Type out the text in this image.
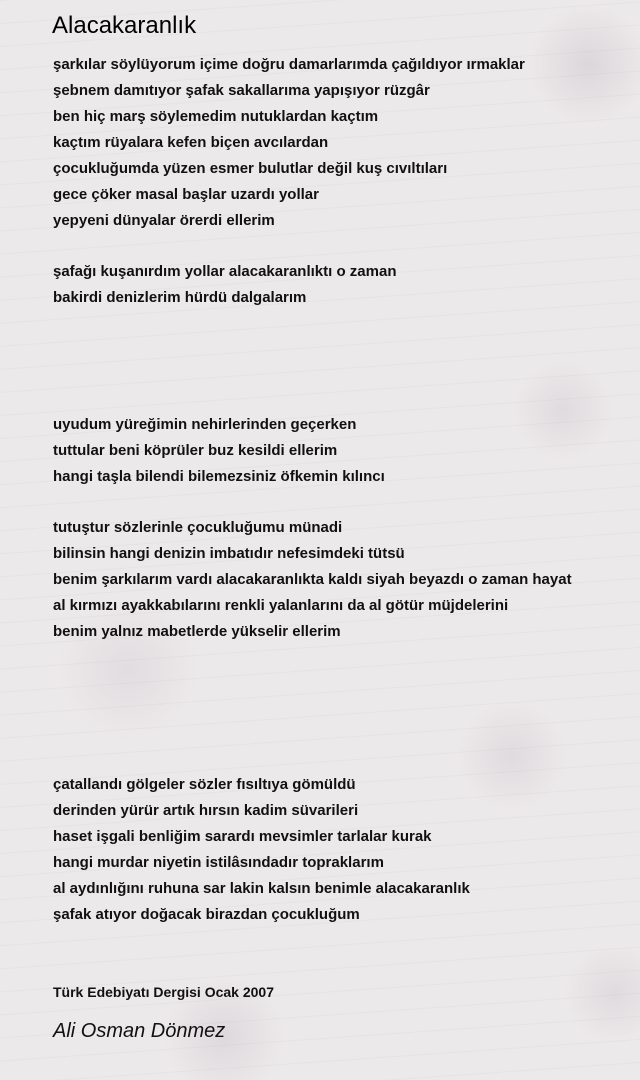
Alacakaranlık
şarkılar söylüyorum içime doğru damarlarımda çağıldıyor ırmaklar
şebnem damıtıyor şafak sakallarıma yapışıyor rüzgâr
ben hiç marş söylemedim nutuklardan kaçtım
kaçtım rüyalara kefen biçen avcılardan
çocukluğumda yüzen esmer bulutlar değil kuş cıvıltıları
gece çöker masal başlar uzardı yollar
yepyeni dünyalar örerdi ellerim
şafağı kuşanırdım yollar alacakaranlıktı o zaman
bakirdi denizlerim hürdü dalgalarım
uyudum yüreğimin nehirlerinden geçerken
tuttular beni köprüler buz kesildi ellerim
hangi taşla bilendi bilemezsiniz öfkemin kılıncı
tutuştur sözlerinle çocukluğumu münadi
bilinsin hangi denizin imbatıdır nefesimdeki tütsü
benim şarkılarım vardı alacakaranlıkta kaldı siyah beyazdı o zaman hayat
al kırmızı ayakkabılarını renkli yalanlarını da al götür müjdelerini
benim yalnız mabetlerde yükselir ellerim
çatallandı gölgeler sözler fısıltıya gömüldü
derinden yürür artık hırsın kadim süvarileri
haset işgali benliğim sarardı mevsimler tarlalar kurak
hangi murdar niyetin istilâsındadır topraklarım
al aydınlığını ruhuna sar lakin kalsın benimle alacakaranlık
şafak atıyor doğacak birazdan çocukluğum
Türk Edebiyatı Dergisi Ocak 2007
Ali Osman Dönmez
